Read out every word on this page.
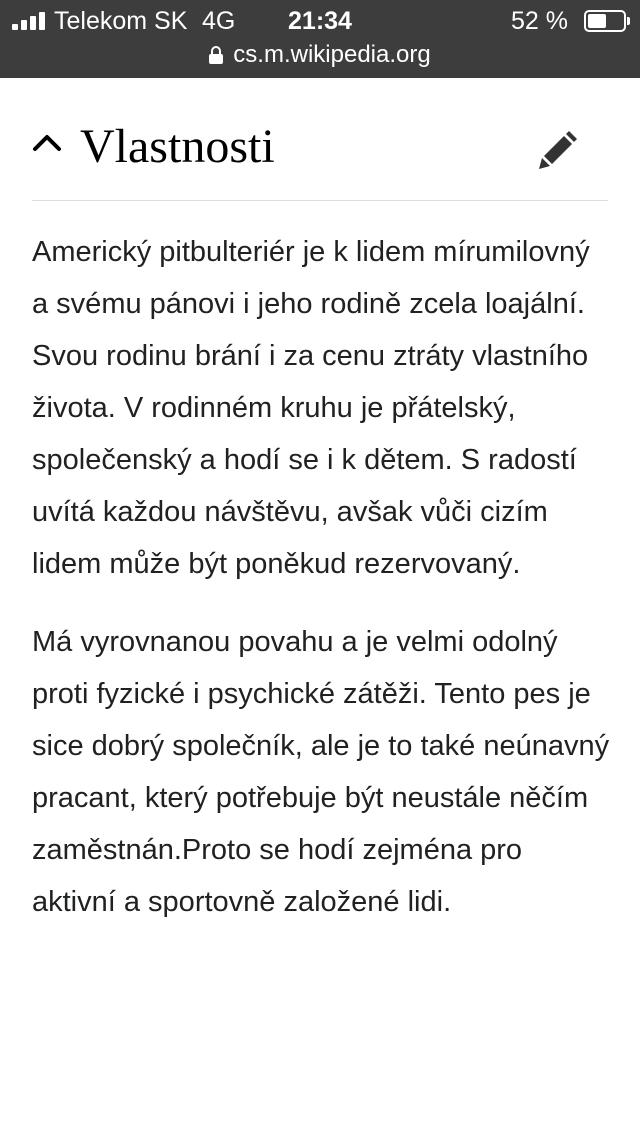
Telekom SK 4G	21:34	52 %
cs.m.wikipedia.org
Vlastnosti

Americký pitbulteriér je k lidem mírumilovný a svému pánovi i jeho rodině zcela loajální. Svou rodinu brání i za cenu ztráty vlastního života. V rodinném kruhu je přátelský, společenský a hodí se i k dětem. S radostí uvítá každou návštěvu, avšak vůči cizím lidem může být poněkud rezervovaný.

Má vyrovnanou povahu a je velmi odolný proti fyzické i psychické zátěži. Tento pes je sice dobrý společník, ale je to také neúnavný pracant, který potřebuje být neustále něčím zaměstnán.Proto se hodí zejména pro aktivní a sportovně založené lidi.
